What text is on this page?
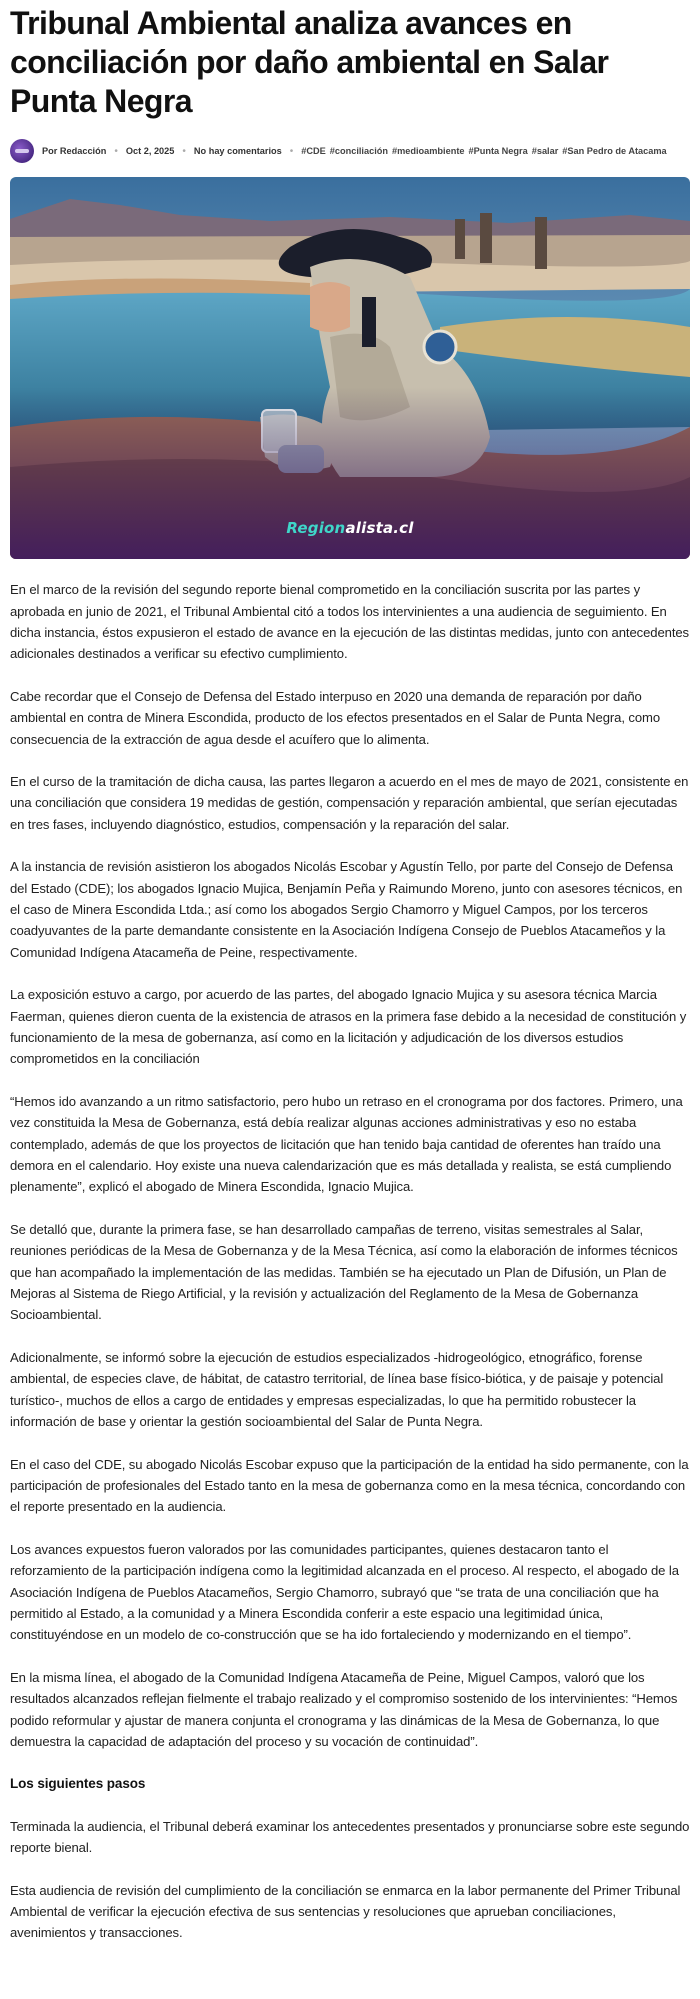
Tribunal Ambiental analiza avances en conciliación por daño ambiental en Salar Punta Negra
Por Redacción • Oct 2, 2025 • No hay comentarios • #CDE #conciliación #medioambiente #Punta Negra #salar #San Pedro de Atacama
Regionalista.cl

En el marco de la revisión del segundo reporte bienal comprometido en la conciliación suscrita por las partes y aprobada en junio de 2021, el Tribunal Ambiental citó a todos los intervinientes a una audiencia de seguimiento. En dicha instancia, éstos expusieron el estado de avance en la ejecución de las distintas medidas, junto con antecedentes adicionales destinados a verificar su efectivo cumplimiento.

Cabe recordar que el Consejo de Defensa del Estado interpuso en 2020 una demanda de reparación por daño ambiental en contra de Minera Escondida, producto de los efectos presentados en el Salar de Punta Negra, como consecuencia de la extracción de agua desde el acuífero que lo alimenta.

En el curso de la tramitación de dicha causa, las partes llegaron a acuerdo en el mes de mayo de 2021, consistente en una conciliación que considera 19 medidas de gestión, compensación y reparación ambiental, que serían ejecutadas en tres fases, incluyendo diagnóstico, estudios, compensación y la reparación del salar.

A la instancia de revisión asistieron los abogados Nicolás Escobar y Agustín Tello, por parte del Consejo de Defensa del Estado (CDE); los abogados Ignacio Mujica, Benjamín Peña y Raimundo Moreno, junto con asesores técnicos, en el caso de Minera Escondida Ltda.; así como los abogados Sergio Chamorro y Miguel Campos, por los terceros coadyuvantes de la parte demandante consistente en la Asociación Indígena Consejo de Pueblos Atacameños y la Comunidad Indígena Atacameña de Peine, respectivamente.

La exposición estuvo a cargo, por acuerdo de las partes, del abogado Ignacio Mujica y su asesora técnica Marcia Faerman, quienes dieron cuenta de la existencia de atrasos en la primera fase debido a la necesidad de constitución y funcionamiento de la mesa de gobernanza, así como en la licitación y adjudicación de los diversos estudios comprometidos en la conciliación

“Hemos ido avanzando a un ritmo satisfactorio, pero hubo un retraso en el cronograma por dos factores. Primero, una vez constituida la Mesa de Gobernanza, está debía realizar algunas acciones administrativas y eso no estaba contemplado, además de que los proyectos de licitación que han tenido baja cantidad de oferentes han traído una demora en el calendario. Hoy existe una nueva calendarización que es más detallada y realista, se está cumpliendo plenamente”, explicó el abogado de Minera Escondida, Ignacio Mujica.

Se detalló que, durante la primera fase, se han desarrollado campañas de terreno, visitas semestrales al Salar, reuniones periódicas de la Mesa de Gobernanza y de la Mesa Técnica, así como la elaboración de informes técnicos que han acompañado la implementación de las medidas. También se ha ejecutado un Plan de Difusión, un Plan de Mejoras al Sistema de Riego Artificial, y la revisión y actualización del Reglamento de la Mesa de Gobernanza Socioambiental.

Adicionalmente, se informó sobre la ejecución de estudios especializados -hidrogeológico, etnográfico, forense ambiental, de especies clave, de hábitat, de catastro territorial, de línea base físico-biótica, y de paisaje y potencial turístico-, muchos de ellos a cargo de entidades y empresas especializadas, lo que ha permitido robustecer la información de base y orientar la gestión socioambiental del Salar de Punta Negra.

En el caso del CDE, su abogado Nicolás Escobar expuso que la participación de la entidad ha sido permanente, con la participación de profesionales del Estado tanto en la mesa de gobernanza como en la mesa técnica, concordando con el reporte presentado en la audiencia.

Los avances expuestos fueron valorados por las comunidades participantes, quienes destacaron tanto el reforzamiento de la participación indígena como la legitimidad alcanzada en el proceso. Al respecto, el abogado de la Asociación Indígena de Pueblos Atacameños, Sergio Chamorro, subrayó que “se trata de una conciliación que ha permitido al Estado, a la comunidad y a Minera Escondida conferir a este espacio una legitimidad única, constituyéndose en un modelo de co-construcción que se ha ido fortaleciendo y modernizando en el tiempo”.

En la misma línea, el abogado de la Comunidad Indígena Atacameña de Peine, Miguel Campos, valoró que los resultados alcanzados reflejan fielmente el trabajo realizado y el compromiso sostenido de los intervinientes: “Hemos podido reformular y ajustar de manera conjunta el cronograma y las dinámicas de la Mesa de Gobernanza, lo que demuestra la capacidad de adaptación del proceso y su vocación de continuidad”.

Los siguientes pasos

Terminada la audiencia, el Tribunal deberá examinar los antecedentes presentados y pronunciarse sobre este segundo reporte bienal.

Esta audiencia de revisión del cumplimiento de la conciliación se enmarca en la labor permanente del Primer Tribunal Ambiental de verificar la ejecución efectiva de sus sentencias y resoluciones que aprueban conciliaciones, avenimientos y transacciones.
